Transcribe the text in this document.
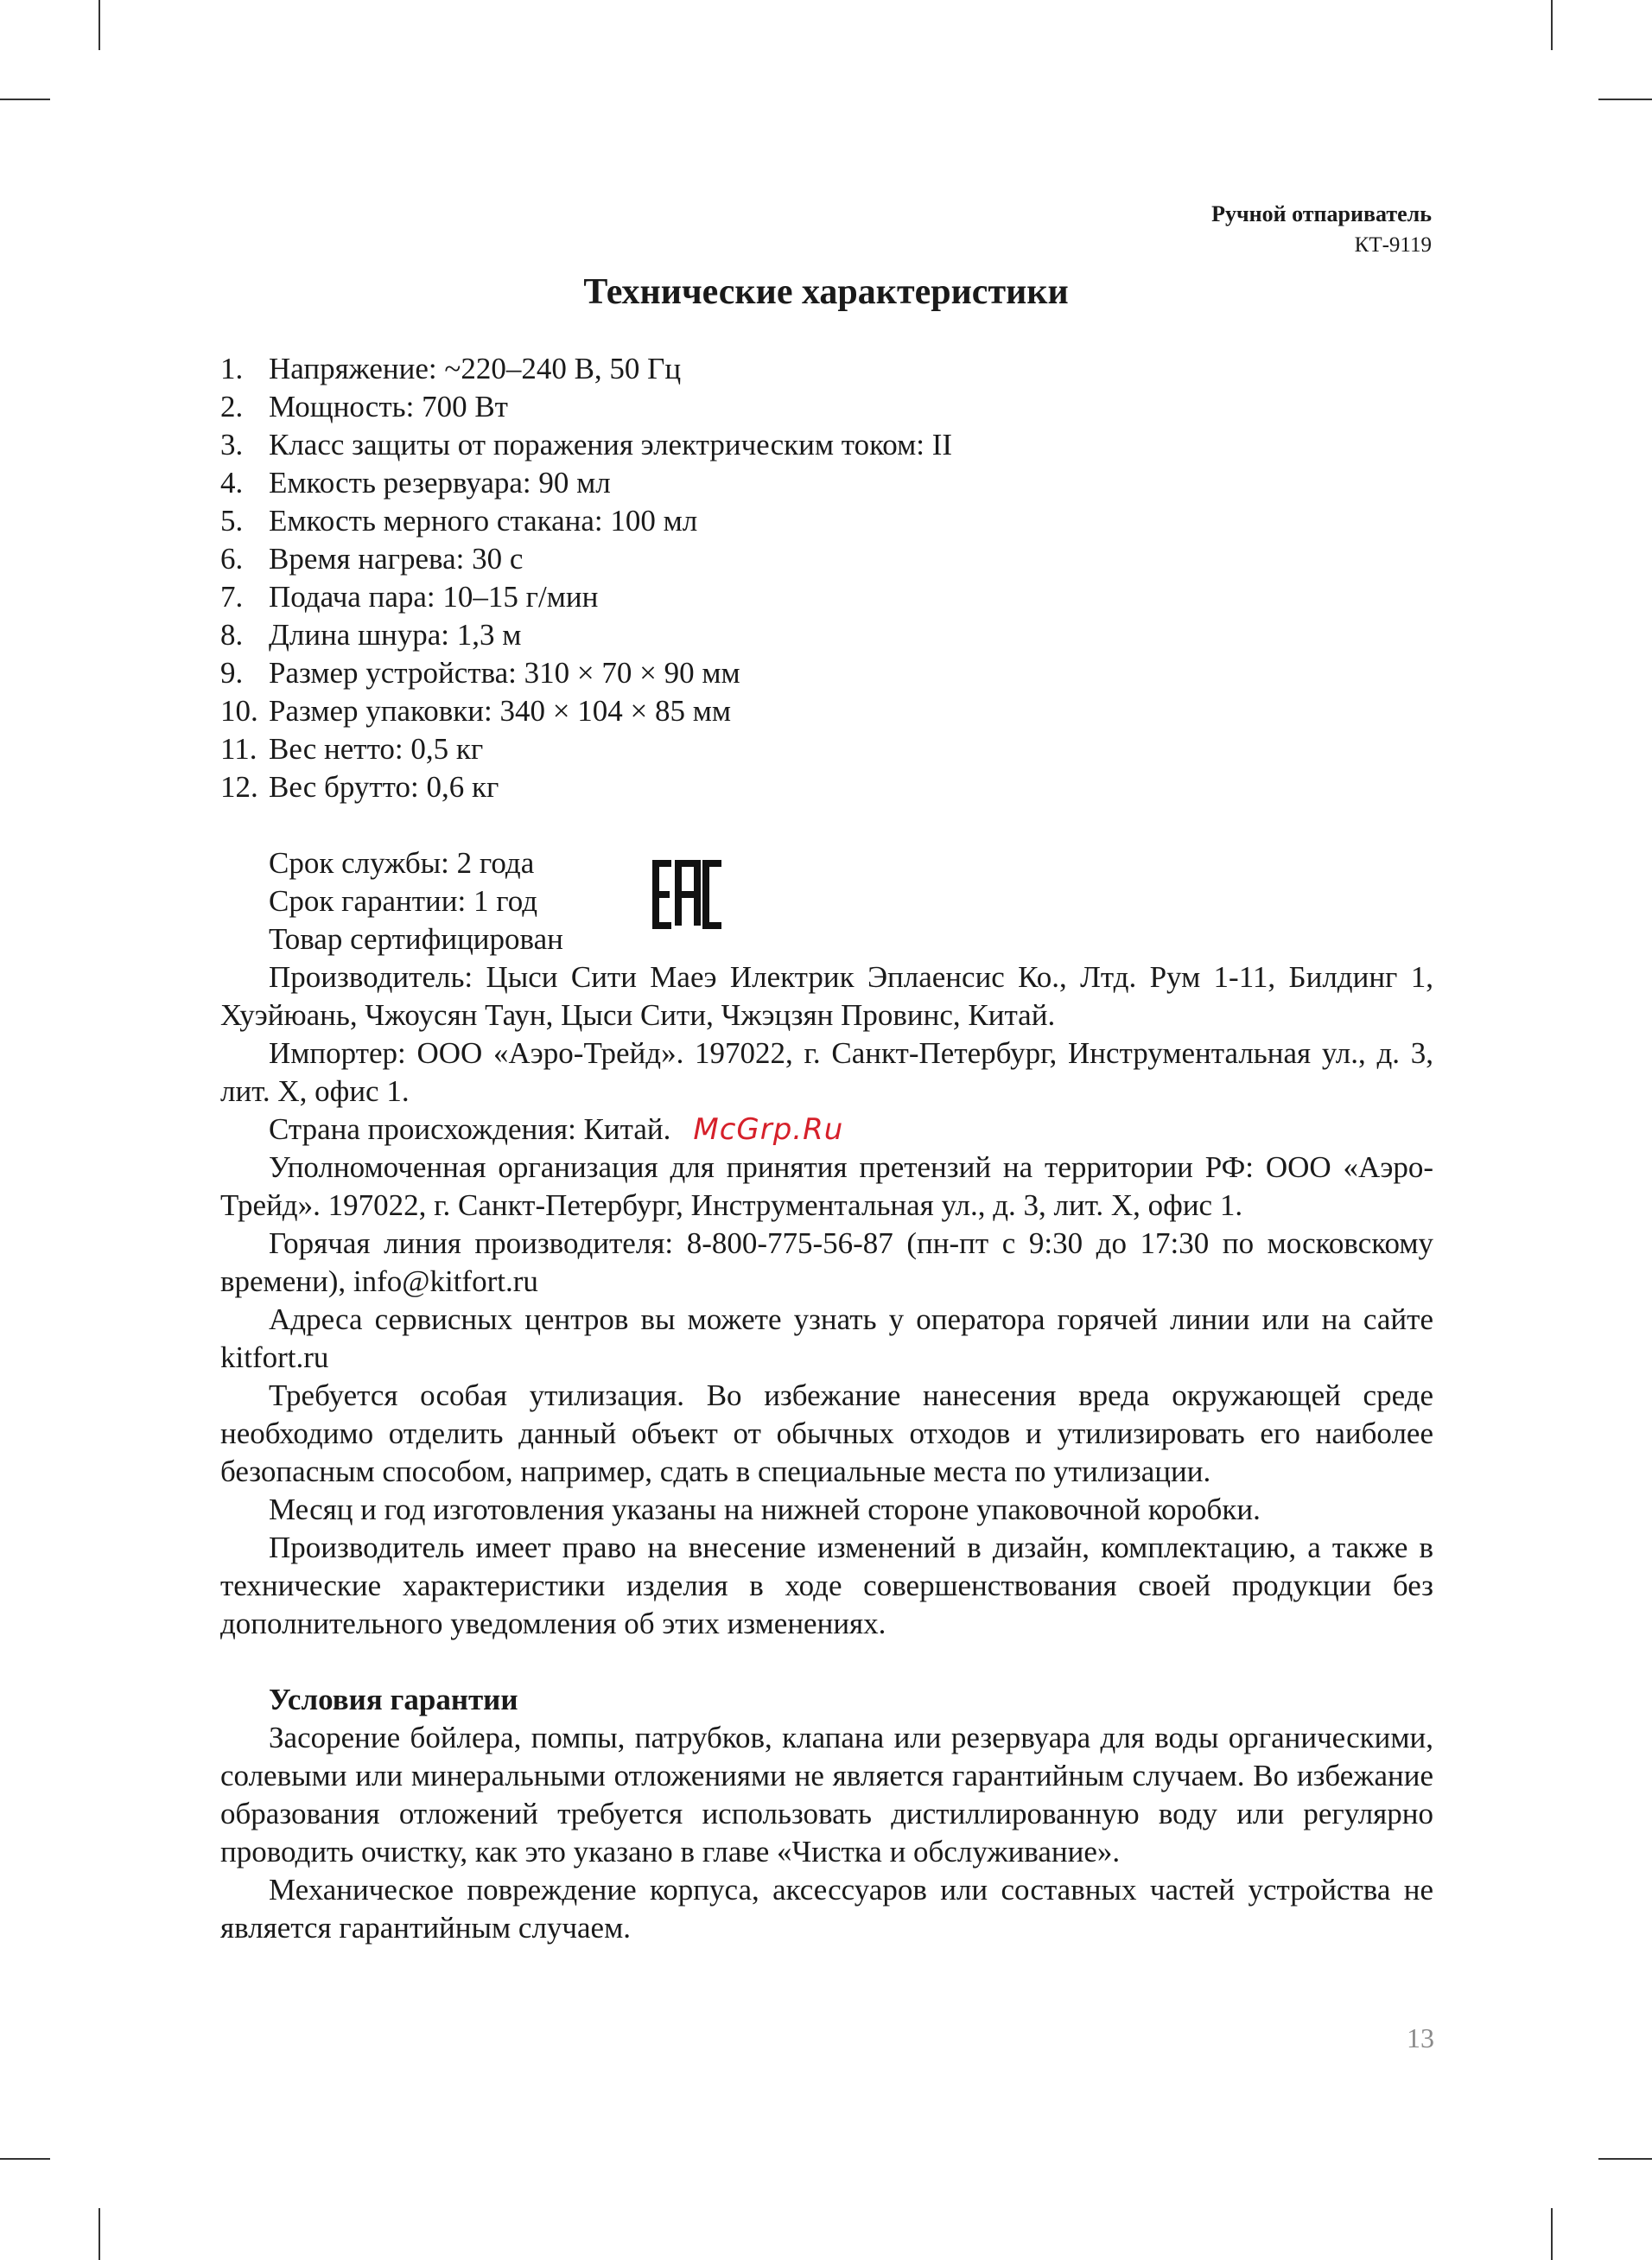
Ручной отпариватель
КТ-9119
Технические характеристики
1. Напряжение: ~220–240 В, 50 Гц
2. Мощность: 700 Вт
3. Класс защиты от поражения электрическим током: II
4. Емкость резервуара: 90 мл
5. Емкость мерного стакана: 100 мл
6. Время нагрева: 30 с
7. Подача пара: 10–15 г/мин
8. Длина шнура: 1,3 м
9. Размер устройства: 310 × 70 × 90 мм
10. Размер упаковки: 340 × 104 × 85 мм
11. Вес нетто: 0,5 кг
12. Вес брутто: 0,6 кг

Срок службы: 2 года

Срок гарантии: 1 год

Товар сертифицирован

Производитель: Цыси Сити Маеэ Илектрик Эплаенсис Ко., Лтд. Рум 1-11, Билдинг 1, Хуэйюань, Чжоусян Таун, Цыси Сити, Чжэцзян Провинс, Китай.

Импортер: ООО «Аэро-Трейд». 197022, г. Санкт-Петербург, Инструментальная ул., д. 3, лит. Х, офис 1.

Страна происхождения: Китай. McGrp.Ru

Уполномоченная организация для принятия претензий на территории РФ: ООО «Аэро-Трейд». 197022, г. Санкт-Петербург, Инструментальная ул., д. 3, лит. Х, офис 1.

Горячая линия производителя: 8-800-775-56-87 (пн-пт с 9:30 до 17:30 по московскому времени), info@kitfort.ru

Адреса сервисных центров вы можете узнать у оператора горячей линии или на сайте kitfort.ru

Требуется особая утилизация. Во избежание нанесения вреда окружающей среде необходимо отделить данный объект от обычных отходов и утилизировать его наиболее безопасным способом, например, сдать в специальные места по утилизации.

Месяц и год изготовления указаны на нижней стороне упаковочной коробки.

Производитель имеет право на внесение изменений в дизайн, комплектацию, а также в технические характеристики изделия в ходе совершенствования своей продукции без дополнительного уведомления об этих изменениях.

Условия гарантии

Засорение бойлера, помпы, патрубков, клапана или резервуара для воды органическими, солевыми или минеральными отложениями не является гарантийным случаем. Во избежание образования отложений требуется использовать дистиллированную воду или регулярно проводить очистку, как это указано в главе «Чистка и обслуживание».

Механическое повреждение корпуса, аксессуаров или составных частей устройства не является гарантийным случаем.

13
